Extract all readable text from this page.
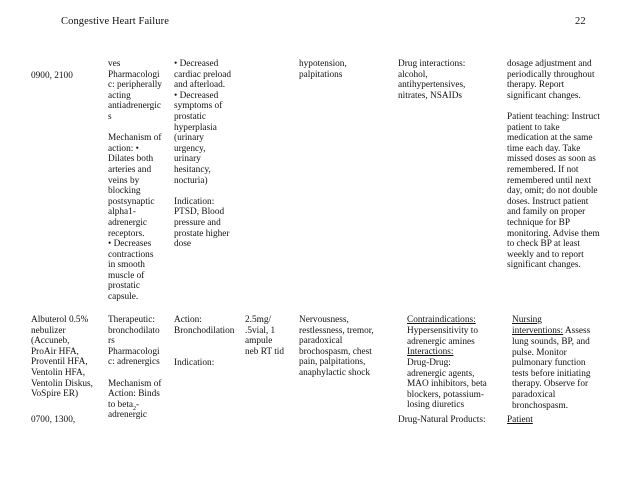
Congestive Heart Failure	22
0900, 2100
ves
Pharmacologi
c: peripherally
acting
antiadrenergic
s

Mechanism of
action: •
Dilates both
arteries and
veins by
blocking
postsynaptic
alpha1-
adrenergic
receptors.
• Decreases
contractions
in smooth
muscle of
prostatic
capsule.
• Decreased
cardiac preload
and afterload.
• Decreased
symptoms of
prostatic
hyperplasia
(urinary
urgency,
urinary
hesitancy,
nocturia)

Indication:
PTSD, Blood
pressure and
prostate higher
dose
hypotension,
palpitations
Drug interactions:
alcohol,
antihypertensives,
nitrates, NSAIDs
dosage adjustment and
periodically throughout
therapy. Report
significant changes.

Patient teaching: Instruct
patient to take
medication at the same
time each day. Take
missed doses as soon as
remembered. If not
remembered until next
day, omit; do not double
doses. Instruct patient
and family on proper
technique for BP
monitoring. Advise them
to check BP at least
weekly and to report
significant changes.
Albuterol 0.5%
nebulizer
(Accuneb,
ProAir HFA,
Proventil HFA,
Ventolin HFA,
Ventolin Diskus,
VoSpire ER)
0700, 1300,
Therapeutic:
bronchodilato
rs
Pharmacologi
c: adrenergics

Mechanism of
Action: Binds
to beta$_2$-
adrenergic
Action:
Bronchodilation
Indication:
2.5mg/
.5vial, 1
ampule
neb RT tid
Nervousness,
restlessness, tremor,
paradoxical
brochospasm, chest
pain, palpitations,
anaphylactic shock
Contraindications:
Hypersensitivity to
adrenergic amines
Interactions:
Drug-Drug:
adrenergic agents,
MAO inhibitors, beta
blockers, potassium-
losing diuretics
Drug-Natural Products:
Nursing
interventions: Assess
lung sounds, BP, and
pulse. Monitor
pulmonary function
tests before initiating
therapy. Observe for
paradoxical
bronchospasm.
Patient
